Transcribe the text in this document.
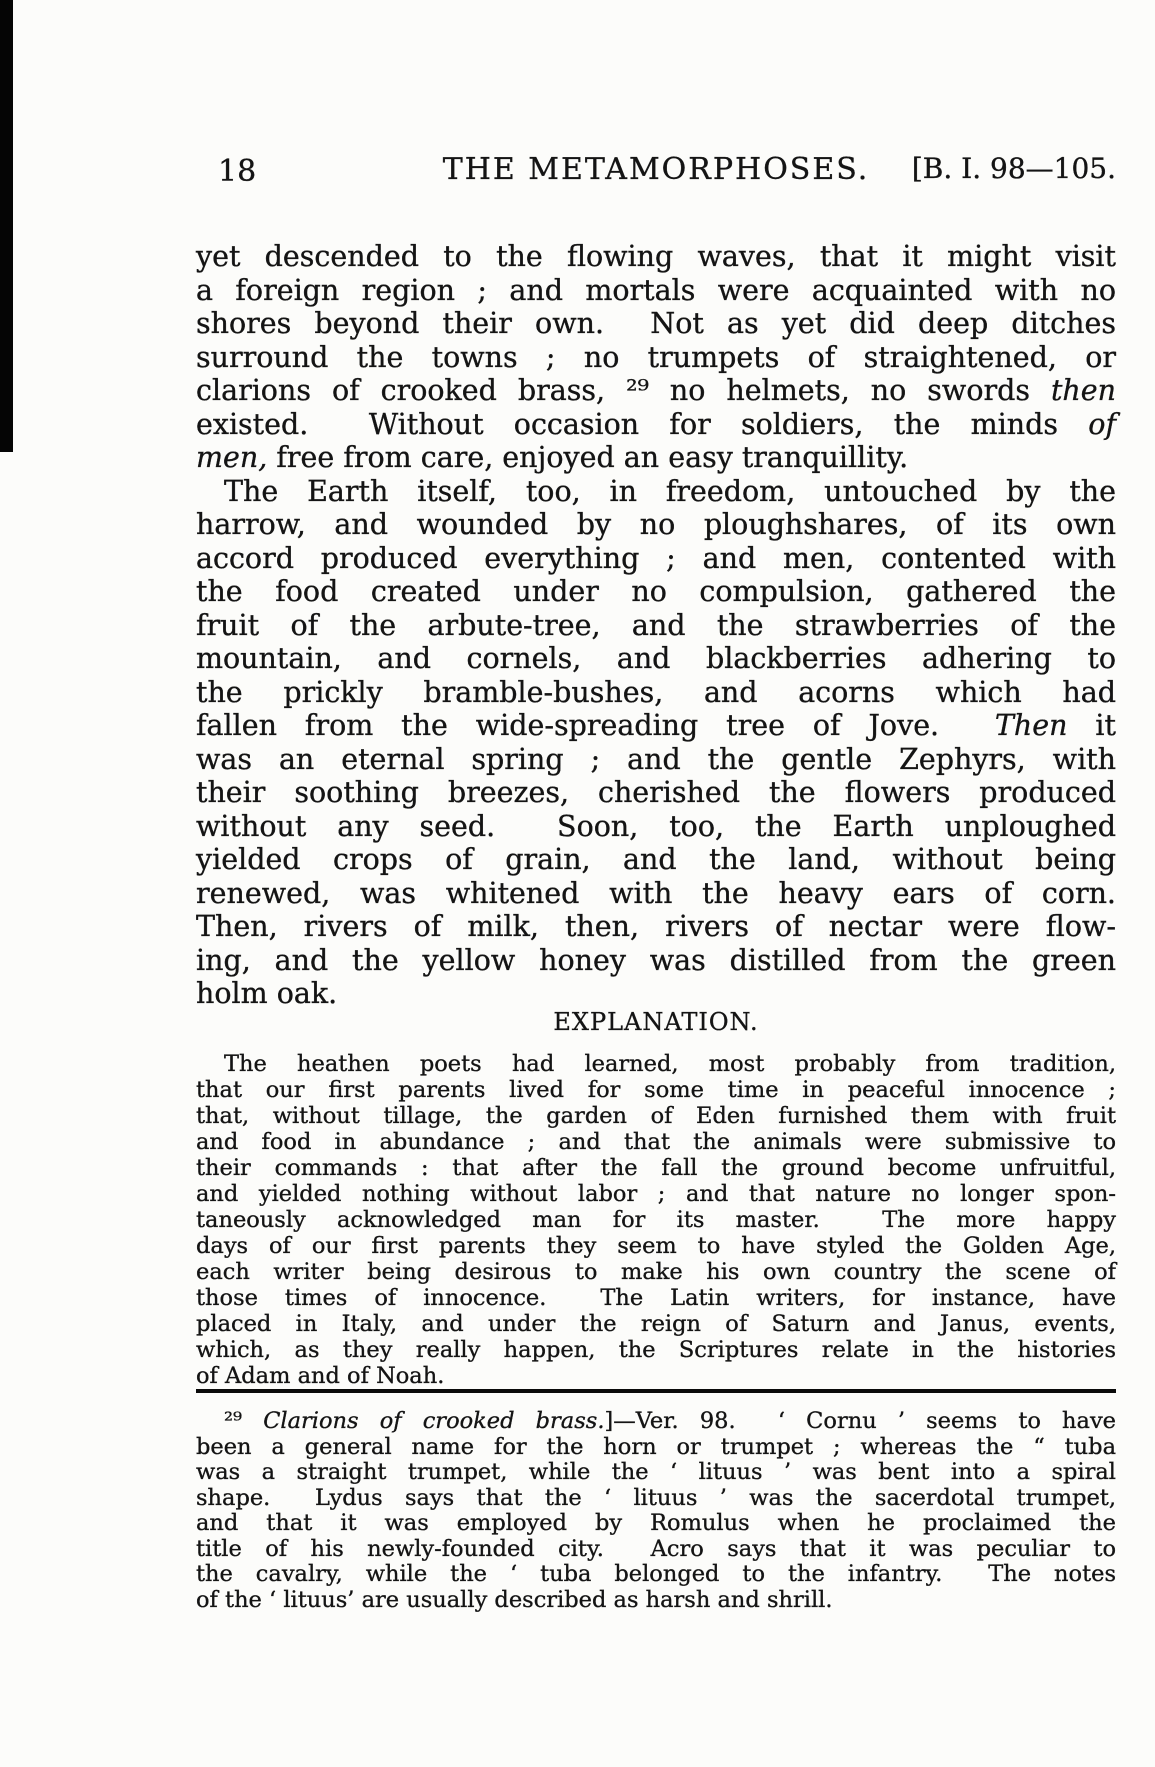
18	THE METAMORPHOSES.	[B. I. 98—105.
yet descended to the flowing waves, that it might visit
a foreign region ; and mortals were acquainted with no
shores beyond their own.  Not as yet did deep ditches
surround the towns ; no trumpets of straightened, or
clarions of crooked brass, ²⁹ no helmets, no swords then
existed.  Without occasion for soldiers, the minds of
men, free from care, enjoyed an easy tranquillity.
The Earth itself, too, in freedom, untouched by the
harrow, and wounded by no ploughshares, of its own
accord produced everything ; and men, contented with
the food created under no compulsion, gathered the
fruit of the arbute-tree, and the strawberries of the
mountain, and cornels, and blackberries adhering to
the prickly bramble-bushes, and acorns which had
fallen from the wide-spreading tree of Jove.  Then it
was an eternal spring ; and the gentle Zephyrs, with
their soothing breezes, cherished the flowers produced
without any seed.  Soon, too, the Earth unploughed
yielded crops of grain, and the land, without being
renewed, was whitened with the heavy ears of corn.
Then, rivers of milk, then, rivers of nectar were flow-
ing, and the yellow honey was distilled from the green
holm oak.
EXPLANATION.
The heathen poets had learned, most probably from tradition,
that our first parents lived for some time in peaceful innocence ;
that, without tillage, the garden of Eden furnished them with fruit
and food in abundance ; and that the animals were submissive to
their commands : that after the fall the ground become unfruitful,
and yielded nothing without labor ; and that nature no longer spon-
taneously acknowledged man for its master.  The more happy
days of our first parents they seem to have styled the Golden Age,
each writer being desirous to make his own country the scene of
those times of innocence.  The Latin writers, for instance, have
placed in Italy, and under the reign of Saturn and Janus, events,
which, as they really happen, the Scriptures relate in the histories
of Adam and of Noah.
²⁹ Clarions of crooked brass.]—Ver. 98.  ‘ Cornu ’ seems to have
been a general name for the horn or trumpet ; whereas the “ tuba
was a straight trumpet, while the ‘ lituus ’ was bent into a spiral
shape.  Lydus says that the ‘ lituus ’ was the sacerdotal trumpet,
and that it was employed by Romulus when he proclaimed the
title of his newly-founded city.  Acro says that it was peculiar to
the cavalry, while the ‘ tuba belonged to the infantry.  The notes
of the ‘ lituus’ are usually described as harsh and shrill.
